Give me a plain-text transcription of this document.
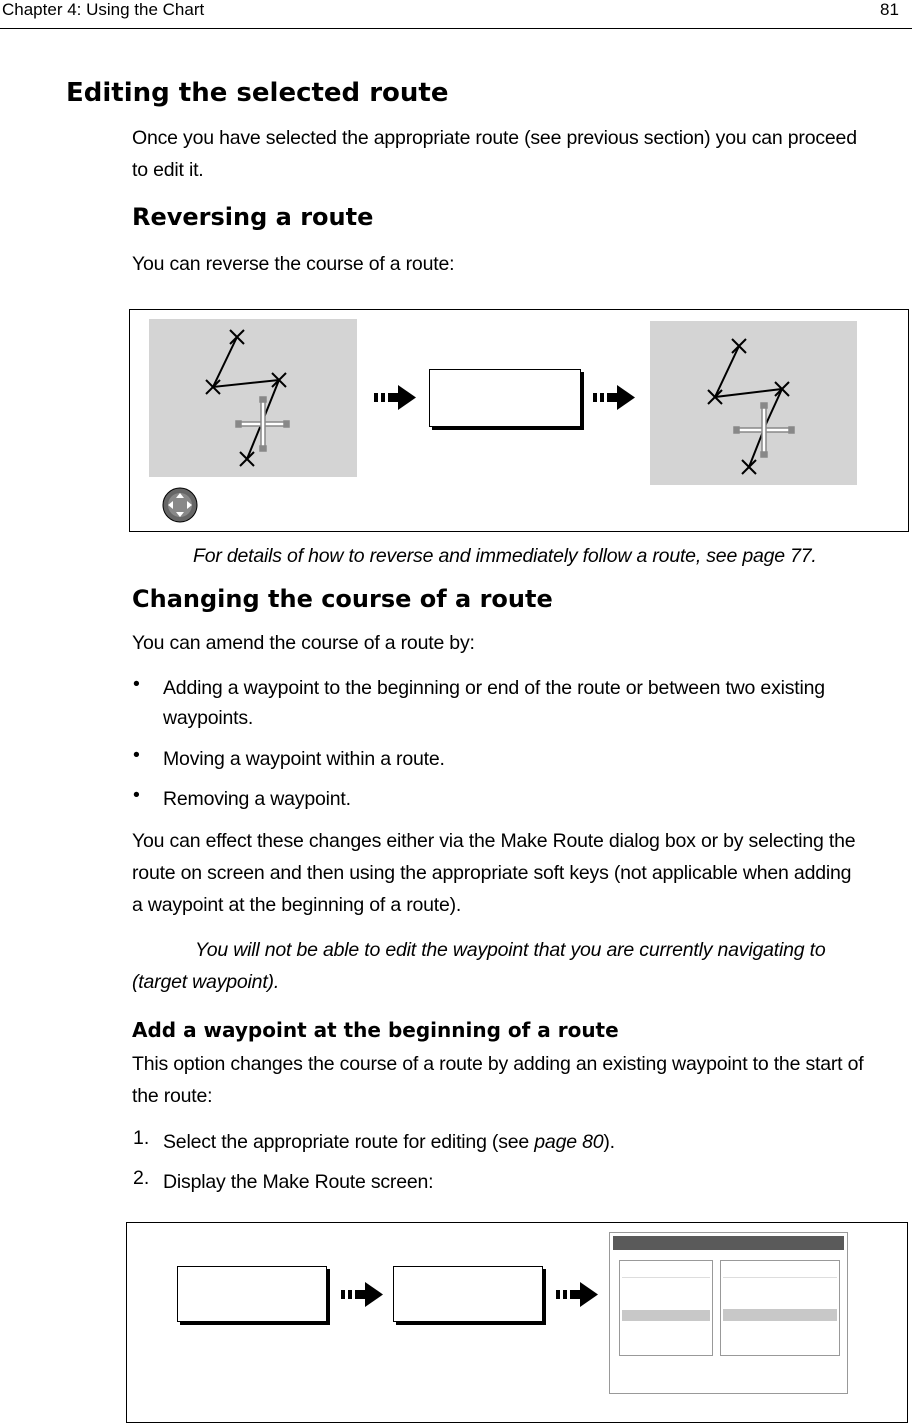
Chapter 4: Using the Chart	81
Editing the selected route
Once you have selected the appropriate route (see previous section) you can proceed
to edit it.
Reversing a route
You can reverse the course of a route:
For details of how to reverse and immediately follow a route, see page 77.
Changing the course of a route
You can amend the course of a route by:
• Adding a waypoint to the beginning or end of the route or between two existing
waypoints.
• Moving a waypoint within a route.
• Removing a waypoint.
You can effect these changes either via the Make Route dialog box or by selecting the
route on screen and then using the appropriate soft keys (not applicable when adding
a waypoint at the beginning of a route).
You will not be able to edit the waypoint that you are currently navigating to
(target waypoint).
Add a waypoint at the beginning of a route
This option changes the course of a route by adding an existing waypoint to the start of
the route:
1. Select the appropriate route for editing (see page 80).
2. Display the Make Route screen:
